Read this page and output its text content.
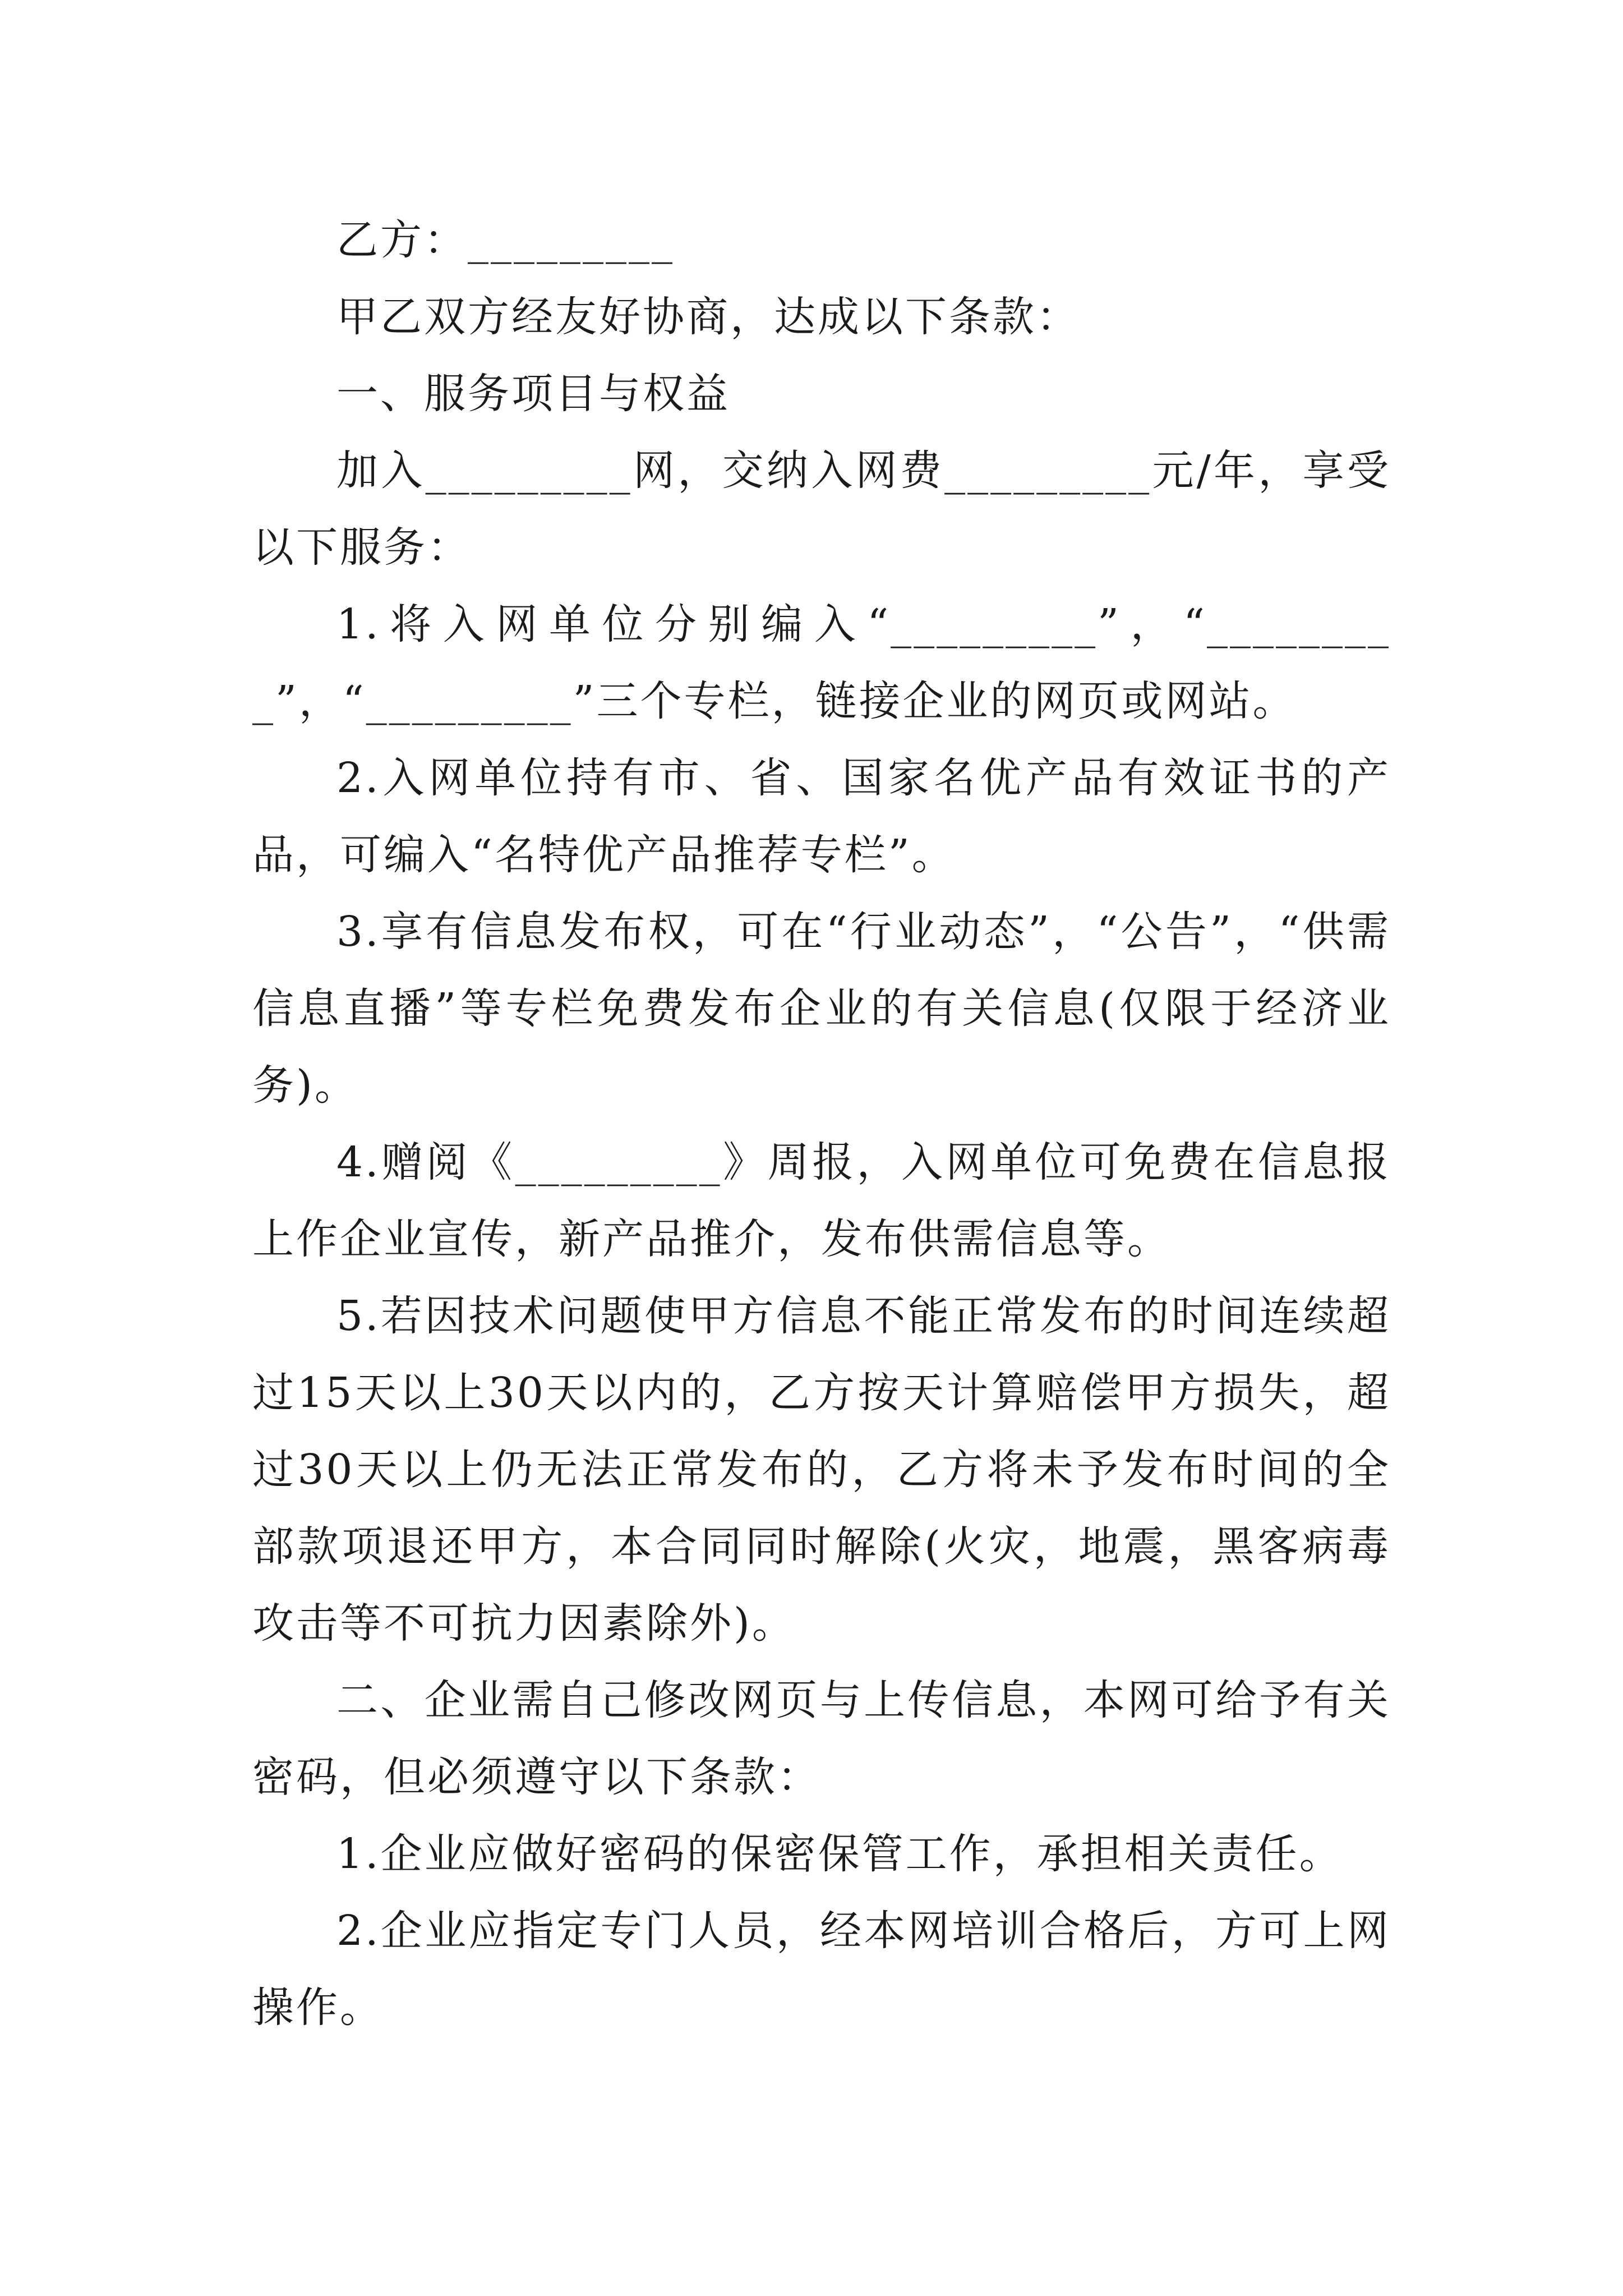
乙方：_________

甲乙双方经友好协商，达成以下条款：

一、服务项目与权益

加入_________网，交纳入网费_________元/年，享受以下服务：

1.将入网单位分别编入“_________”，“_________”，“_________”三个专栏，链接企业的网页或网站。

2.入网单位持有市、省、国家名优产品有效证书的产品，可编入“名特优产品推荐专栏”。

3.享有信息发布权，可在“行业动态”，“公告”，“供需信息直播”等专栏免费发布企业的有关信息(仅限于经济业务)。

4.赠阅《_________》周报，入网单位可免费在信息报上作企业宣传，新产品推介，发布供需信息等。

5.若因技术问题使甲方信息不能正常发布的时间连续超过15天以上30天以内的，乙方按天计算赔偿甲方损失，超过30天以上仍无法正常发布的，乙方将未予发布时间的全部款项退还甲方，本合同同时解除(火灾，地震，黑客病毒攻击等不可抗力因素除外)。

二、企业需自己修改网页与上传信息，本网可给予有关密码，但必须遵守以下条款：

1.企业应做好密码的保密保管工作，承担相关责任。

2.企业应指定专门人员，经本网培训合格后，方可上网操作。
